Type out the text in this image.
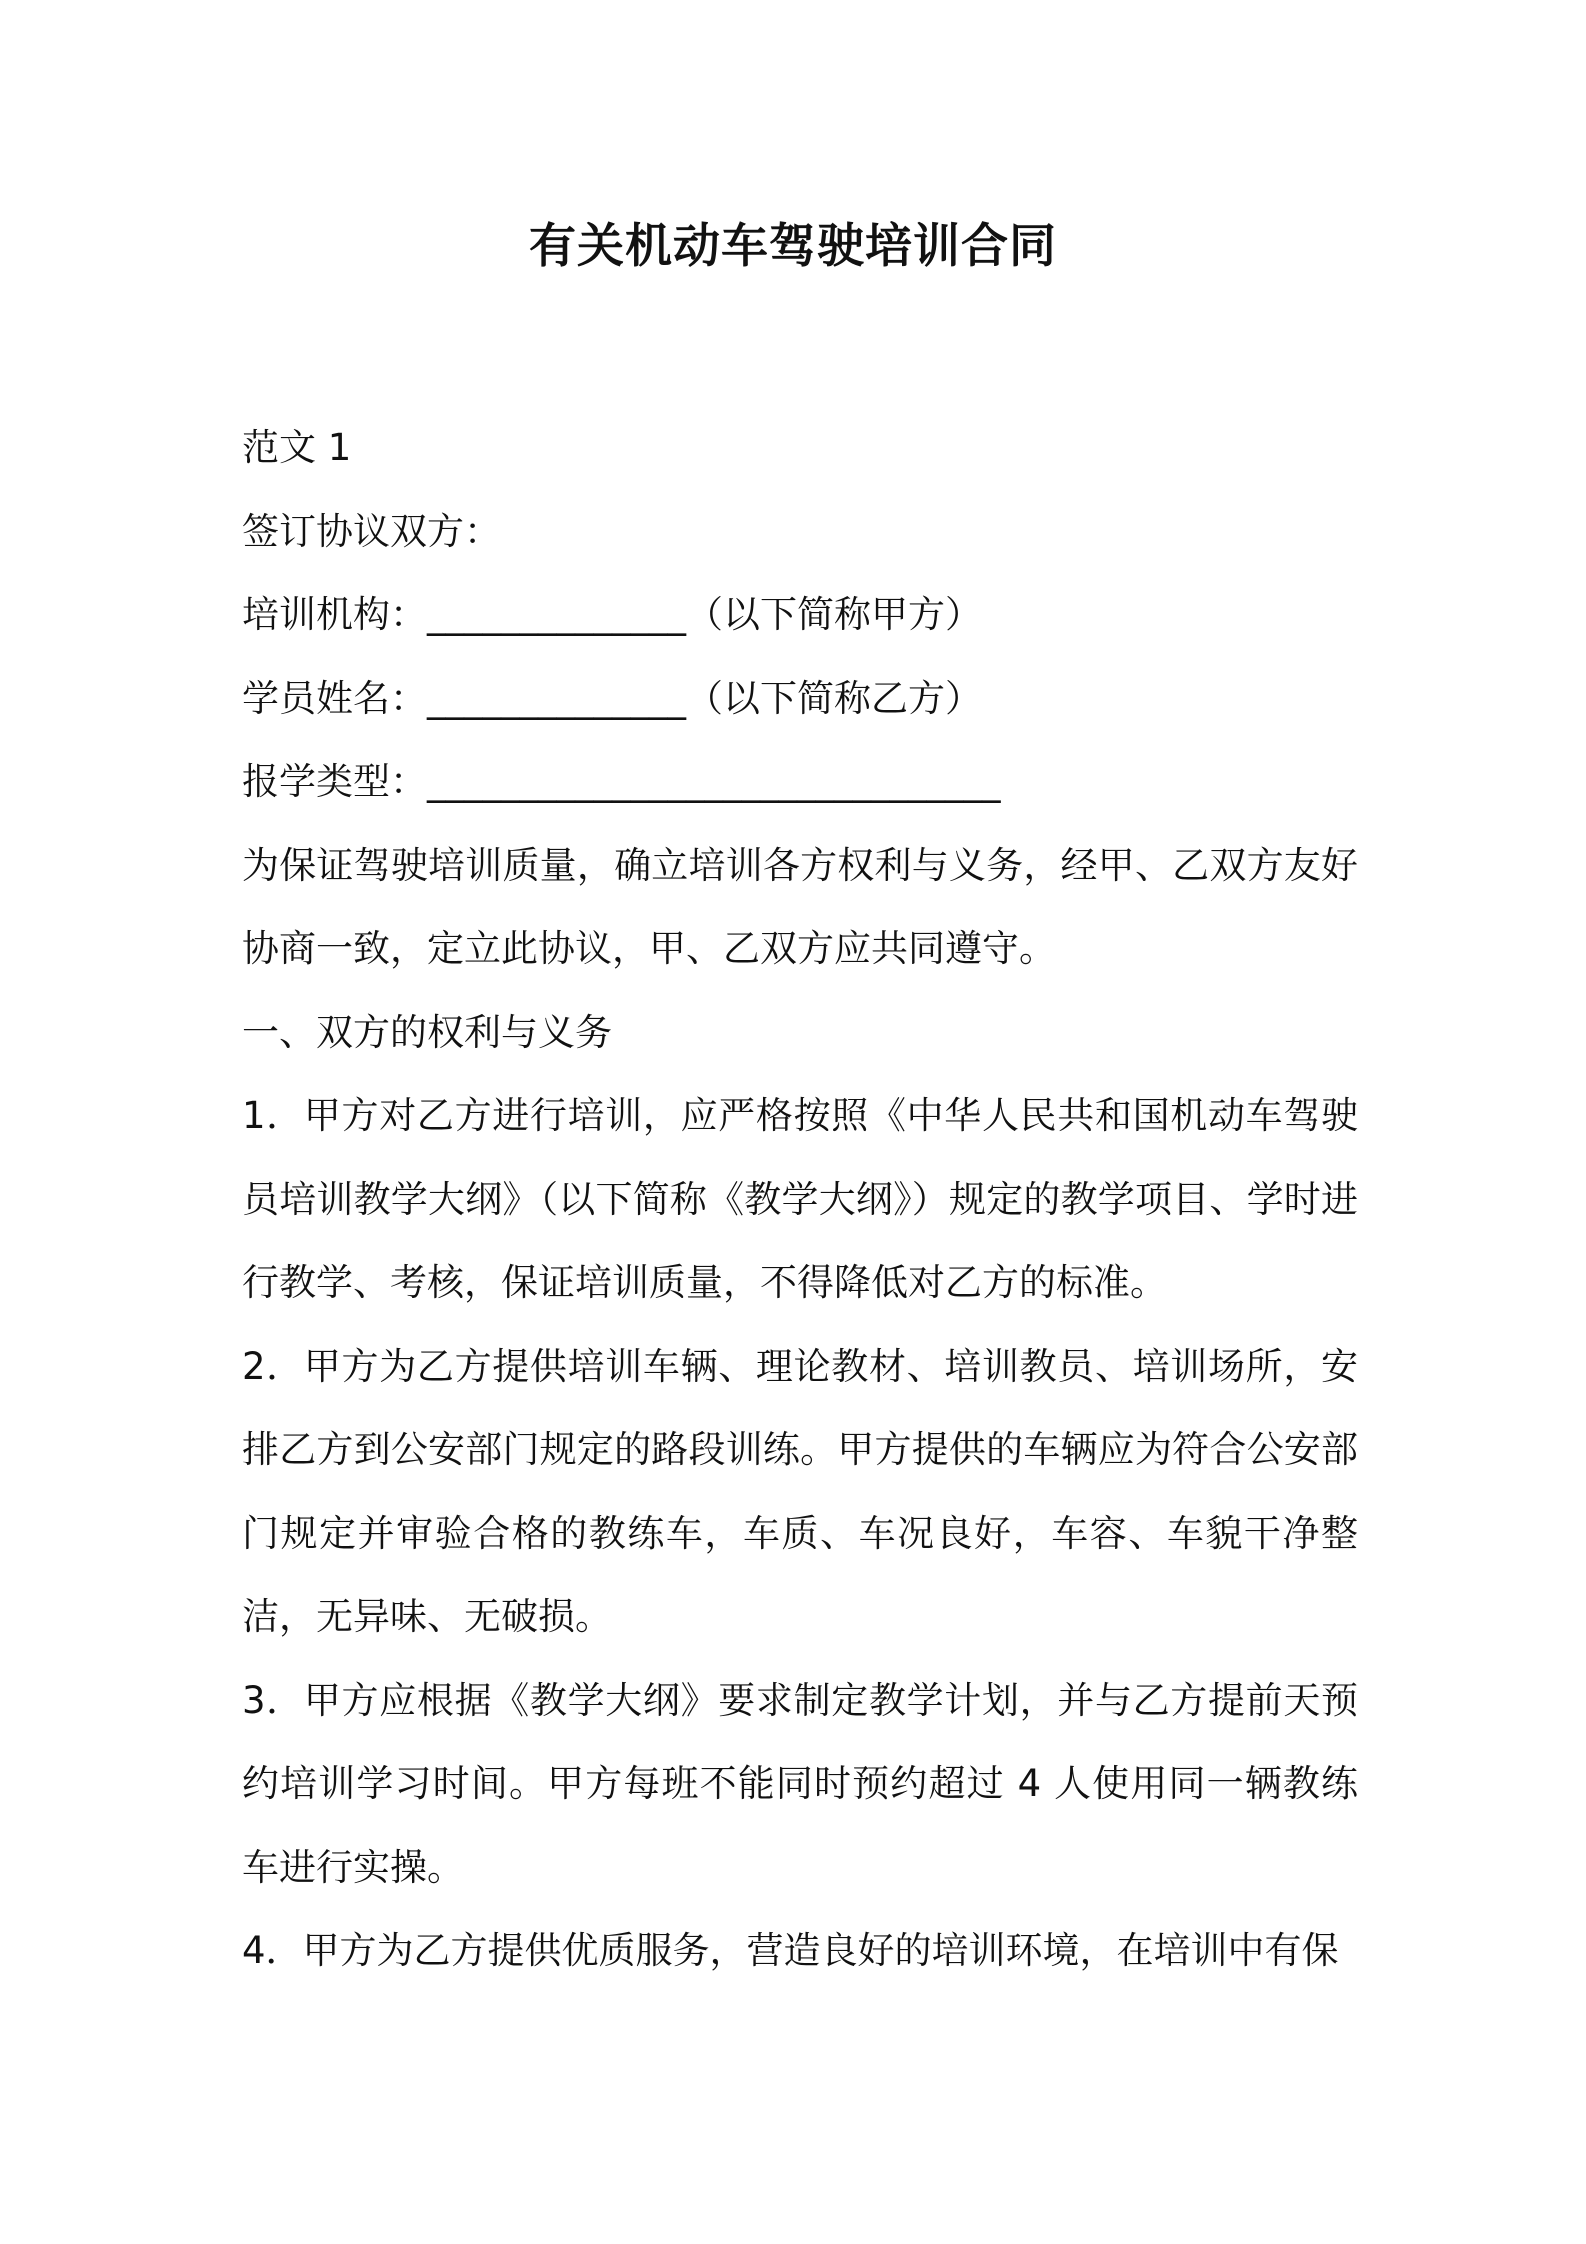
有关机动车驾驶培训合同
范文 1
签订协议双方：
培训机构：______________（以下简称甲方）
学员姓名：______________（以下简称乙方）
报学类型：_______________________________
为保证驾驶培训质量，确立培训各方权利与义务，经甲、乙双方友好协商一致，定立此协议，甲、乙双方应共同遵守。
一、双方的权利与义务
1．甲方对乙方进行培训，应严格按照《中华人民共和国机动车驾驶员培训教学大纲》（以下简称《教学大纲》）规定的教学项目、学时进行教学、考核，保证培训质量，不得降低对乙方的标准。
2．甲方为乙方提供培训车辆、理论教材、培训教员、培训场所，安排乙方到公安部门规定的路段训练。甲方提供的车辆应为符合公安部门规定并审验合格的教练车，车质、车况良好，车容、车貌干净整洁，无异味、无破损。
3．甲方应根据《教学大纲》要求制定教学计划，并与乙方提前天预约培训学习时间。甲方每班不能同时预约超过 4 人使用同一辆教练车进行实操。
4．甲方为乙方提供优质服务，营造良好的培训环境，在培训中有保
